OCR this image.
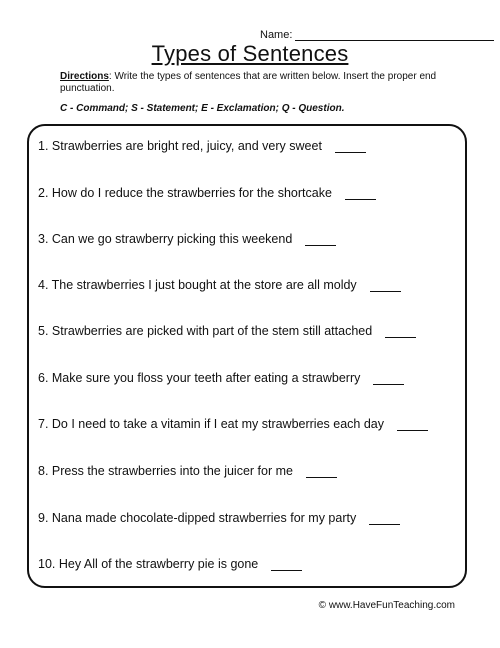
Name:
Types of Sentences
Directions: Write the types of sentences that are written below. Insert the proper end punctuation.
C - Command; S - Statement; E - Exclamation; Q - Question.
1. Strawberries are bright red, juicy, and very sweet
2. How do I reduce the strawberries for the shortcake
3. Can we go strawberry picking this weekend
4. The strawberries I just bought at the store are all moldy
5. Strawberries are picked with part of the stem still attached
6. Make sure you floss your teeth after eating a strawberry
7. Do I need to take a vitamin if I eat my strawberries each day
8. Press the strawberries into the juicer for me
9. Nana made chocolate-dipped strawberries for my party
10. Hey All of the strawberry pie is gone
© www.HaveFunTeaching.com
